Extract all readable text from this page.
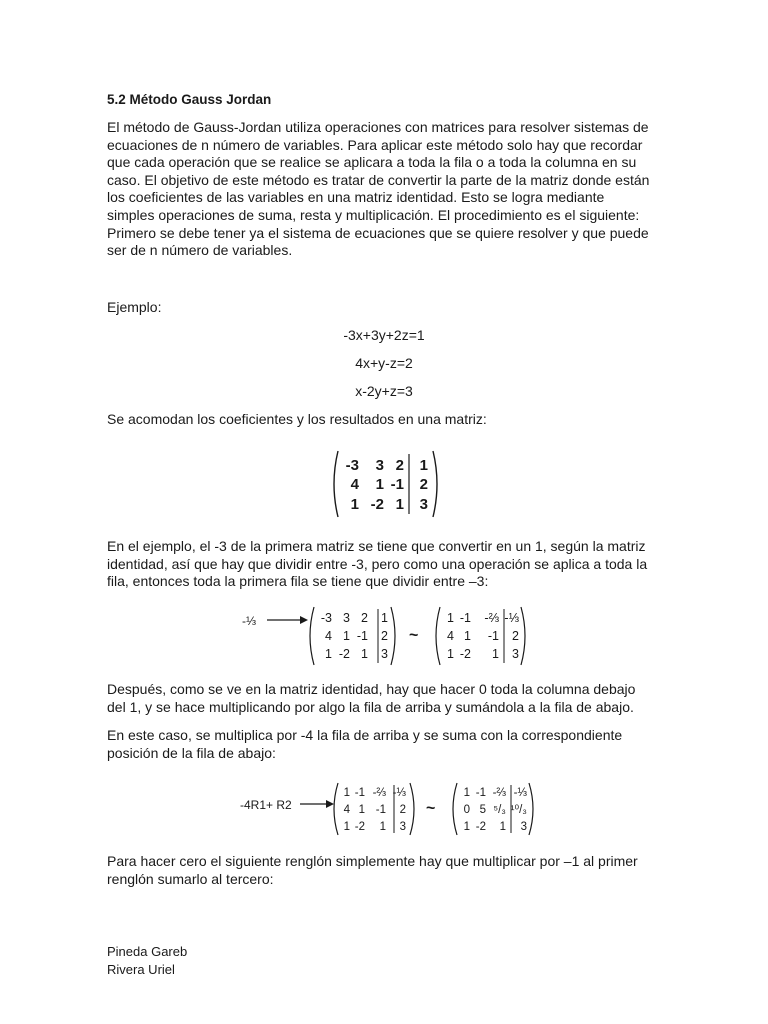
5.2 Método Gauss Jordan
El método de Gauss-Jordan utiliza operaciones con matrices para resolver sistemas de ecuaciones de n número de variables. Para aplicar este método solo hay que recordar que cada operación que se realice se aplicara a toda la fila o a toda la columna en su caso. El objetivo de este método es tratar de convertir la parte de la matriz donde están los coeficientes de las variables en una matriz identidad. Esto se logra mediante simples operaciones de suma, resta y multiplicación. El procedimiento es el siguiente: Primero se debe tener ya el sistema de ecuaciones que se quiere resolver y que puede ser de n número de variables.
Ejemplo:
-3x+3y+2z=1
4x+y-z=2
x-2y+z=3
Se acomodan los coeficientes y los resultados en una matriz:
-3 3 2 1
4 1 -1 2
1 -2 1 3
En el ejemplo, el -3 de la primera matriz se tiene que convertir en un 1, según la matriz identidad, así que hay que dividir entre -3, pero como una operación se aplica a toda la fila, entonces toda la primera fila se tiene que dividir entre –3:
-⅓	-3 3 2 1
4 1 -1 2
1 -2 1 3
~
1 -1 -⅔ -⅓
4 1 -1 2
1 -2 1 3
Después, como se ve en la matriz identidad, hay que hacer 0 toda la columna debajo del 1, y se hace multiplicando por algo la fila de arriba y sumándola a la fila de abajo.
En este caso, se multiplica por -4 la fila de arriba y se suma con la correspondiente posición de la fila de abajo:
-4R1+ R2
1 -1 -⅔ -⅓
4 1 -1 2
1 -2 1 3
~
1 -1 -⅔ -⅓
0 5 ⁵/₃ ¹⁰/₃
1 -2 1 3
Para hacer cero el siguiente renglón simplemente hay que multiplicar por –1 al primer renglón sumarlo al tercero:
Pineda Gareb
Rivera Uriel
